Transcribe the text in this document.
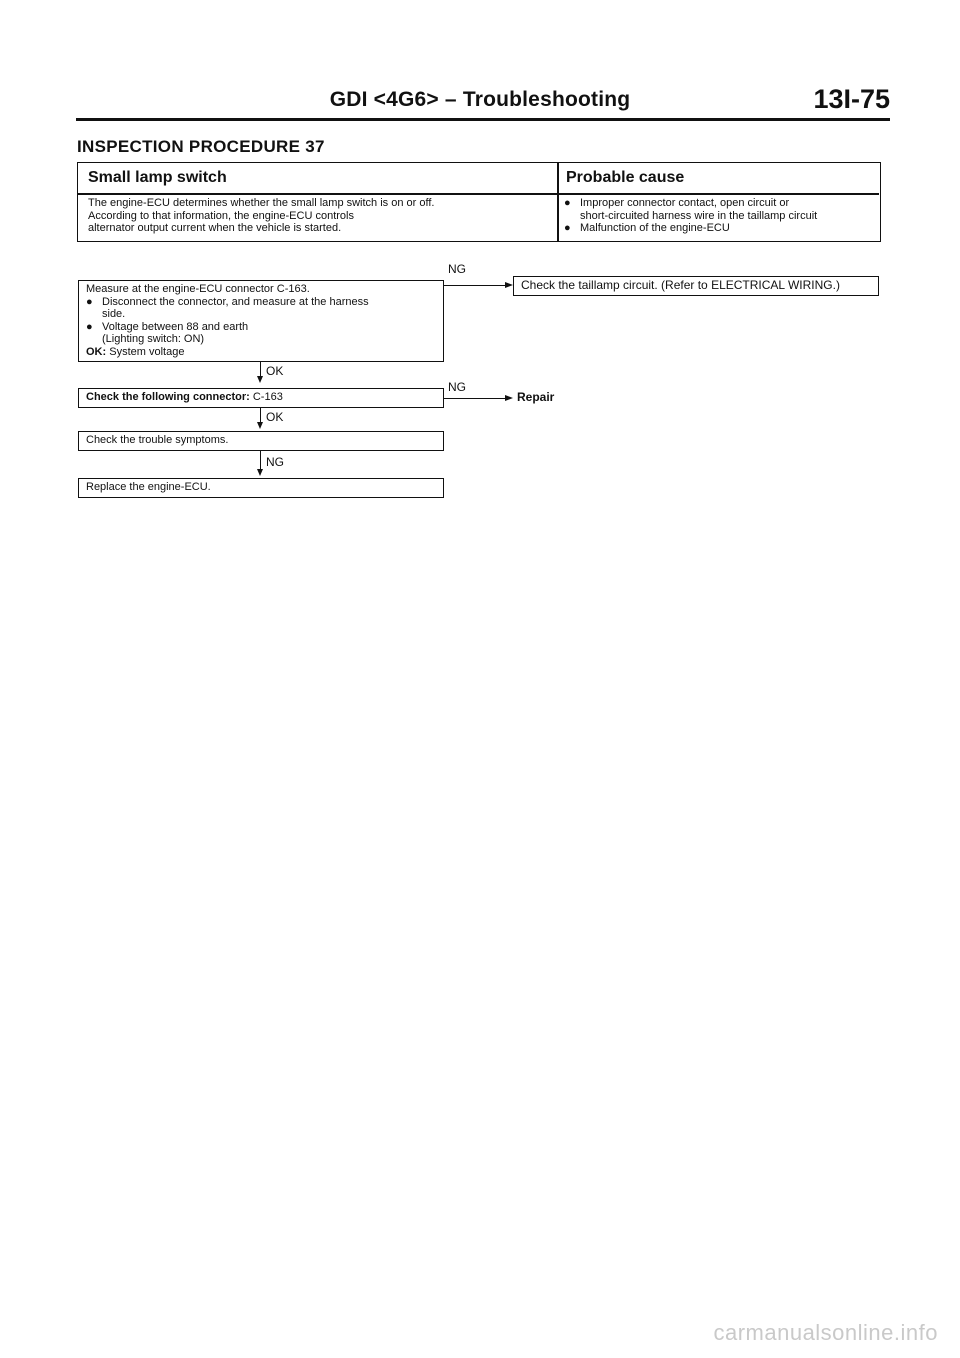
GDI <4G6> – Troubleshooting	13I-75
INSPECTION PROCEDURE 37
Small lamp switch	Probable cause
The engine-ECU determines whether the small lamp switch is on or off.
According to that information, the engine-ECU controls
alternator output current when the vehicle is started.
● Improper connector contact, open circuit or
short-circuited harness wire in the taillamp circuit
● Malfunction of the engine-ECU
Measure at the engine-ECU connector C-163.
● Disconnect the connector, and measure at the harness
side.
● Voltage between 88 and earth
(Lighting switch: ON)
OK: System voltage
NG
Check the taillamp circuit. (Refer to ELECTRICAL WIRING.)
OK
Check the following connector: C-163
NG
Repair
OK
Check the trouble symptoms.
NG
Replace the engine-ECU.
carmanualsonline.info
